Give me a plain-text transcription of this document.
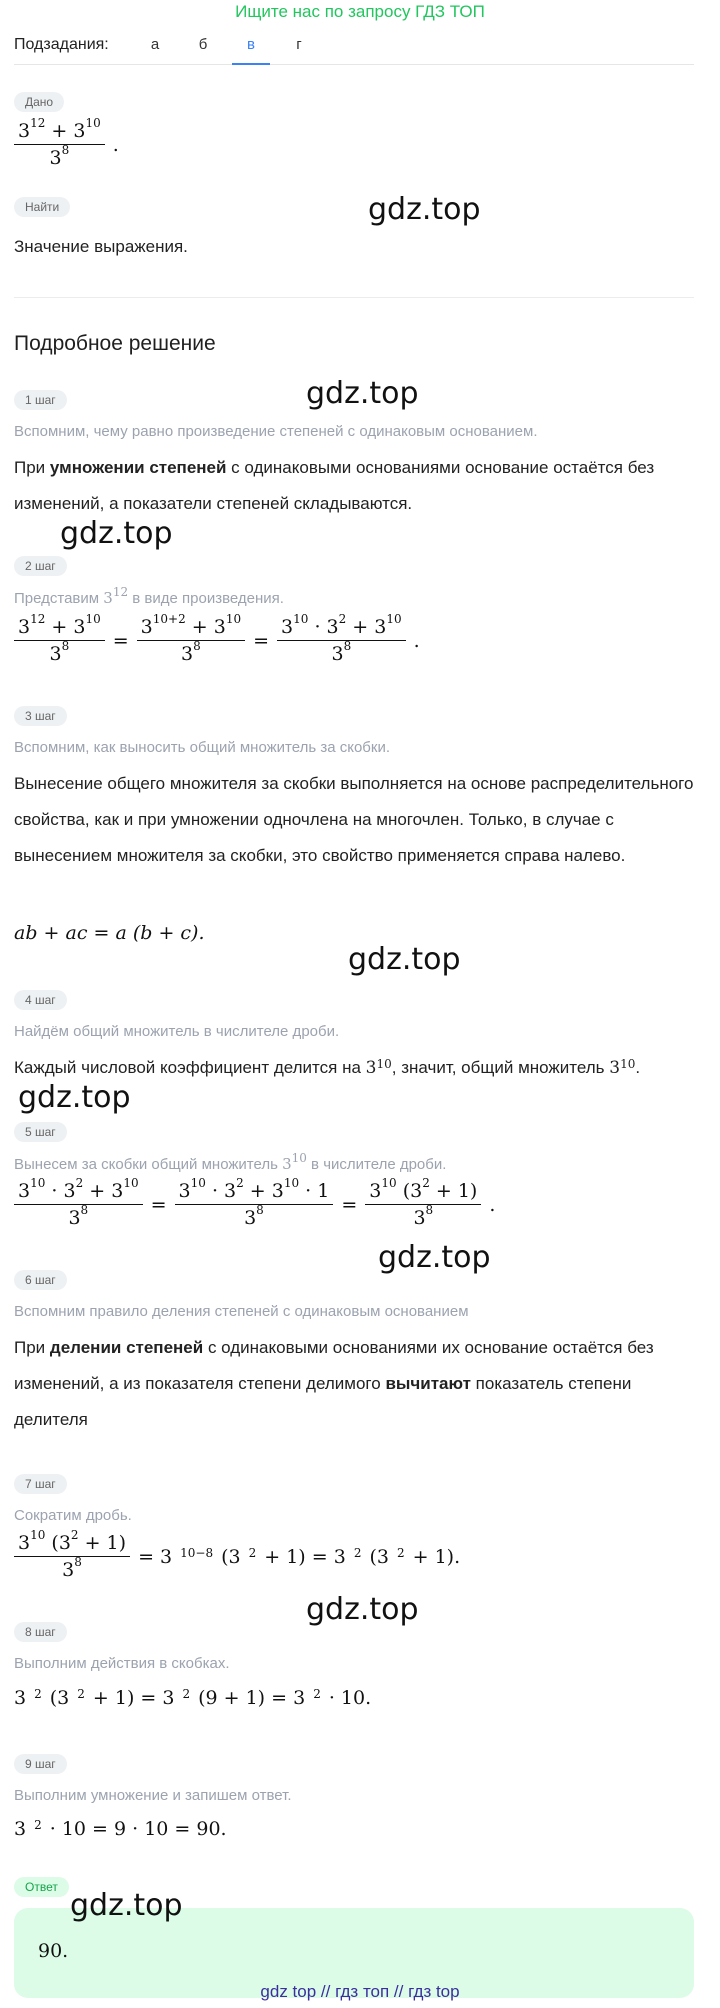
Ищите нас по запросу ГДЗ ТОП
Подзадания:	а	б	в	г
Дано
$\frac{3^{12} + 3^{10}}{3^8}$ .
Найти
Значение выражения.
Подробное решение
1 шаг
Вспомним, чему равно произведение степеней с одинаковым основанием.
При умножении степеней с одинаковыми основаниями основание остаётся без изменений, а показатели степеней складываются.
2 шаг
Представим $3^{12}$ в виде произведения.
$\frac{3^{12} + 3^{10}}{3^8} = \frac{3^{10+2} + 3^{10}}{3^8} = \frac{3^{10} \cdot 3^2 + 3^{10}}{3^8}$ .
3 шаг
Вспомним, как выносить общий множитель за скобки.
Вынесение общего множителя за скобки выполняется на основе распределительного свойства, как и при умножении одночлена на многочлен. Только, в случае с вынесением множителя за скобки, это свойство применяется справа налево.
ab + ac = a (b + c).
4 шаг
Найдём общий множитель в числителе дроби.
Каждый числовой коэффициент делится на $3^{10}$, значит, общий множитель $3^{10}$.
5 шаг
Вынесем за скобки общий множитель $3^{10}$ в числителе дроби.
$\frac{3^{10} \cdot 3^2 + 3^{10}}{3^8} = \frac{3^{10} \cdot 3^2 + 3^{10} \cdot 1}{3^8} = \frac{3^{10} (3^2 + 1)}{3^8}$ .
6 шаг
Вспомним правило деления степеней с одинаковым основанием
При делении степеней с одинаковыми основаниями их основание остаётся без изменений, а из показателя степени делимого вычитают показатель степени делителя
7 шаг
Сократим дробь.
$\frac{3^{10} (3^2 + 1)}{3^8} = 3$ $^{10-8}$ (3 $^2$ + 1) = 3 $^2$ (3 $^2$ + 1).
8 шаг
Выполним действия в скобках.
3 $^2$ (3 $^2$ + 1) = 3 $^2$ (9 + 1) = 3 $^2$ · 10.
9 шаг
Выполним умножение и запишем ответ.
3 $^2$ · 10 = 9 · 10 = 90.
Ответ
90.
gdz.top
gdz.top
gdz.top
gdz.top
gdz.top
gdz.top
gdz.top
gdz.top
gdz top // гдз топ // гдз top
